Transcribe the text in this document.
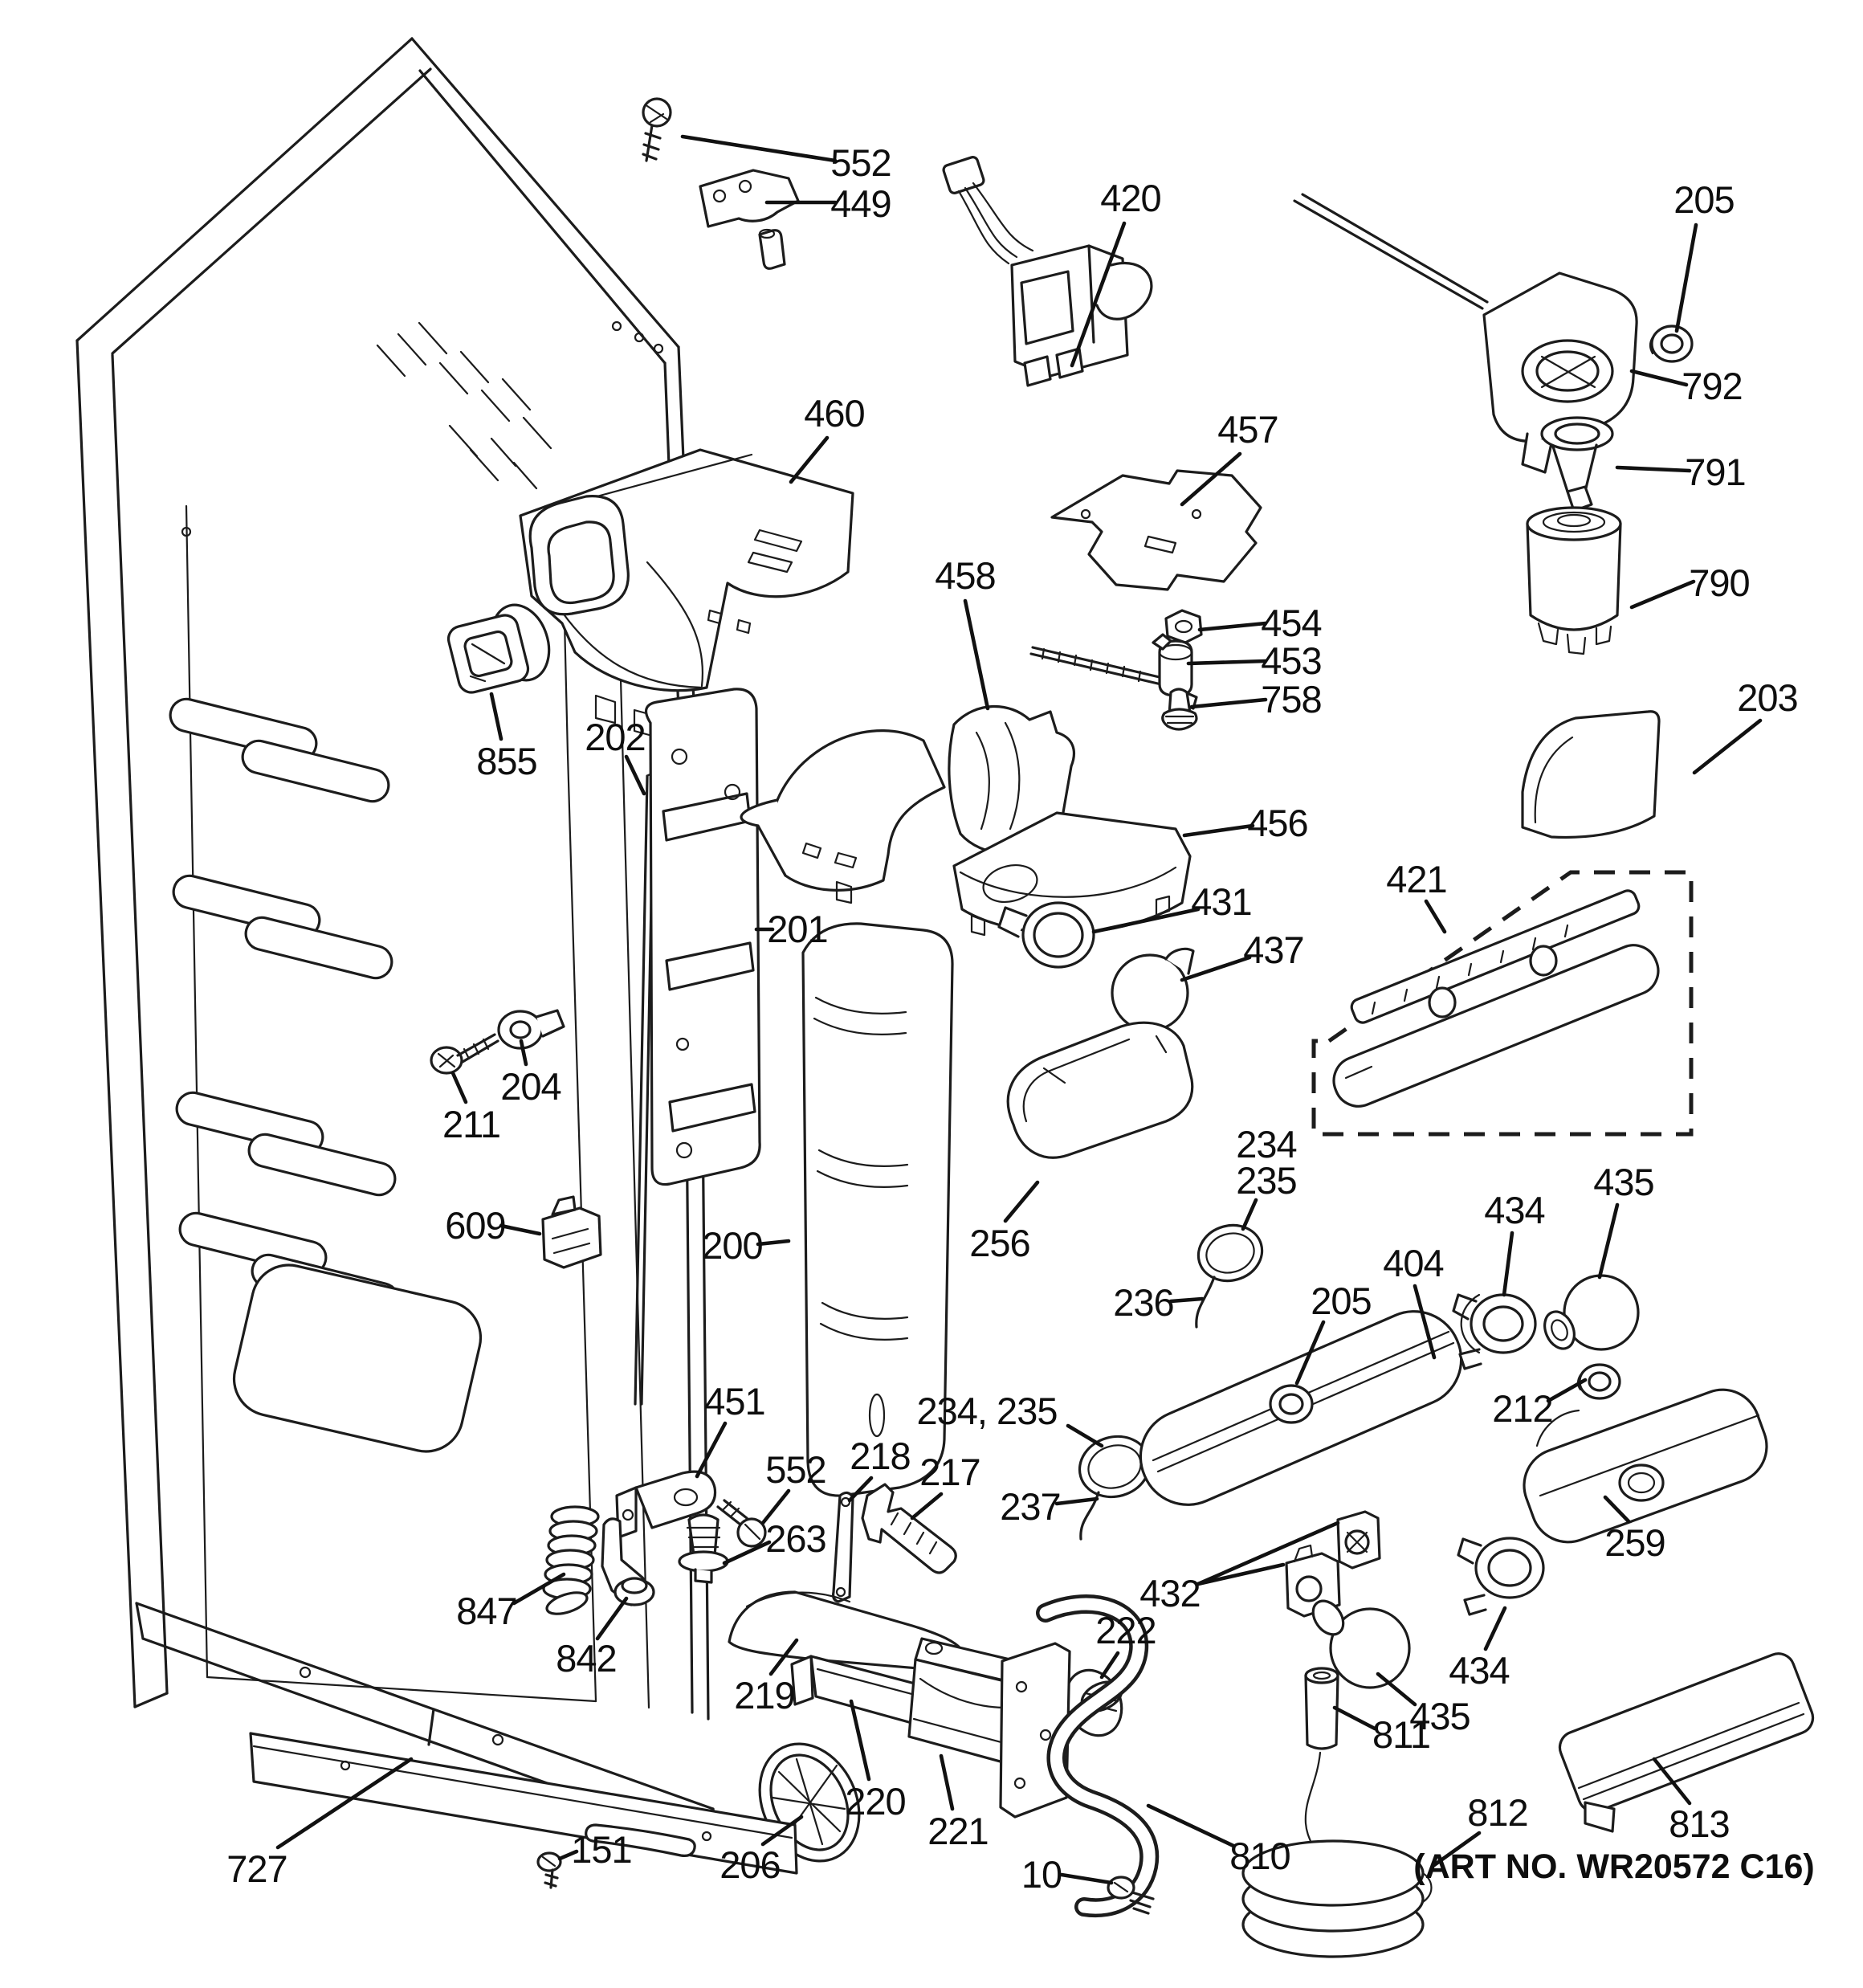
552
449	420	205
792
791
790
203
460	457
458
454
453
758
855
202
201
456
431
437
421
204
211
609	200	256
234
235
236
404
205
434
435
212
451	234, 235
552 218 217
237
263
432
434
435
259
222
811
812	813
810
10
206
219
220
221
847
842
727	151	(ART NO. WR20572 C16)
